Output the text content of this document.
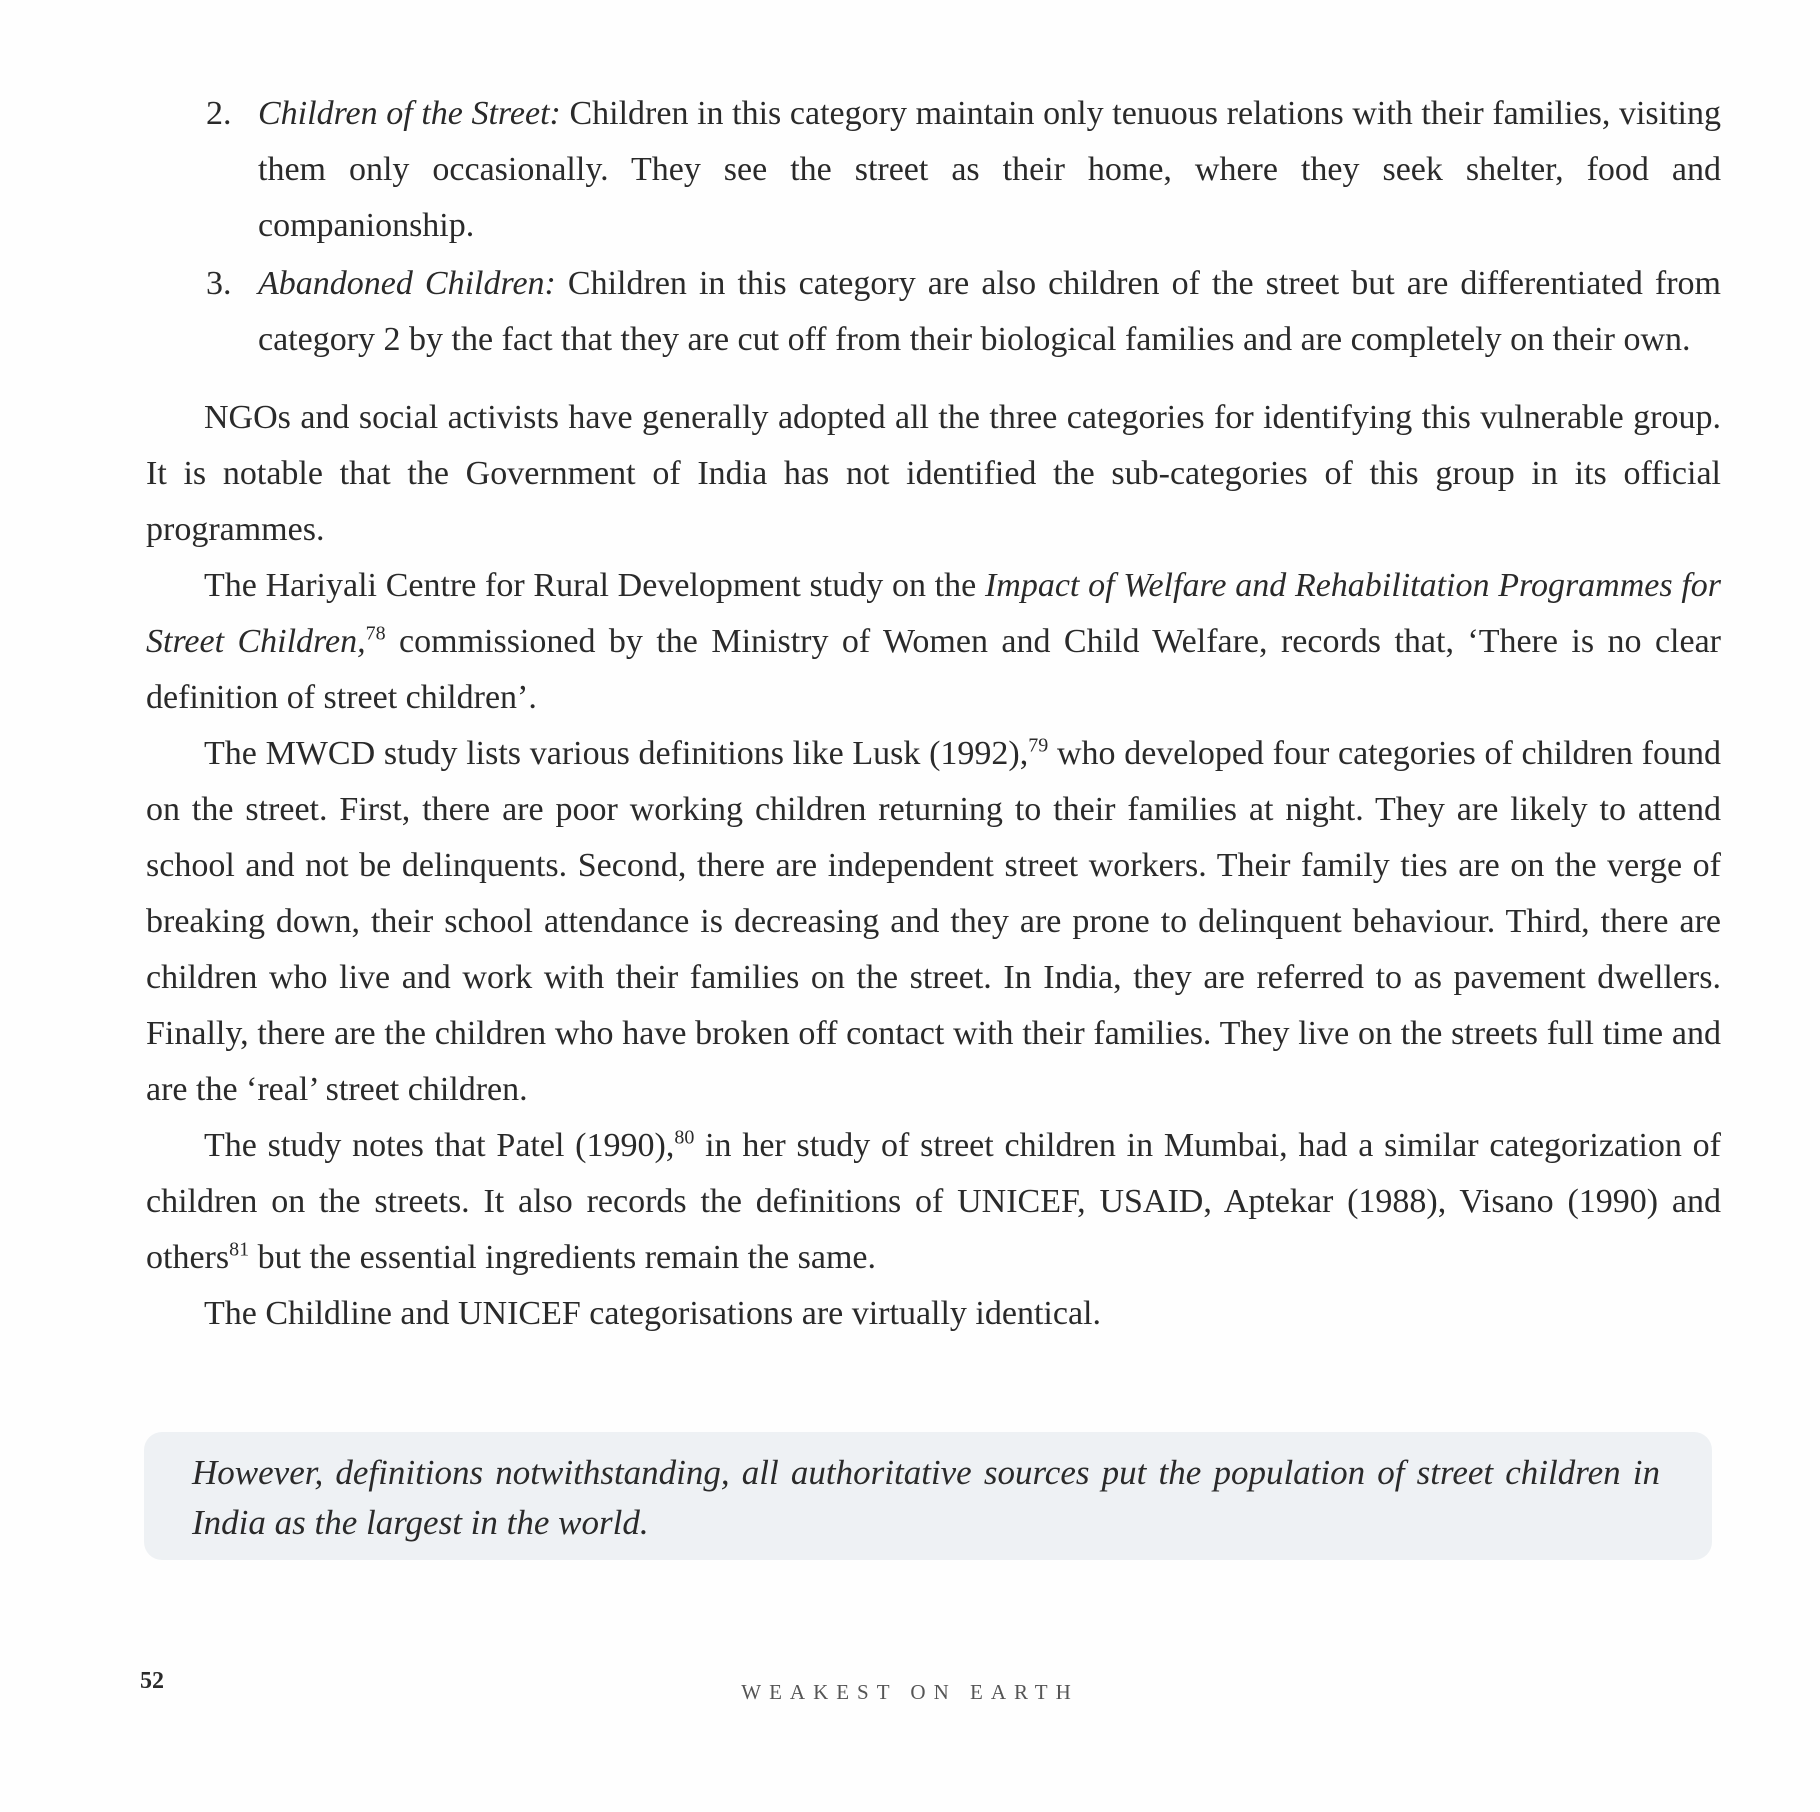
2. Children of the Street: Children in this category maintain only tenuous relations with their families, visiting them only occasionally. They see the street as their home, where they seek shelter, food and companionship.
3. Abandoned Children: Children in this category are also children of the street but are differentiated from category 2 by the fact that they are cut off from their biological families and are completely on their own.

NGOs and social activists have generally adopted all the three categories for identifying this vulnerable group. It is notable that the Government of India has not identified the sub-categories of this group in its official programmes.

The Hariyali Centre for Rural Development study on the Impact of Welfare and Rehabilitation Programmes for Street Children,$^{78}$ commissioned by the Ministry of Women and Child Welfare, records that, ‘There is no clear definition of street children’.

The MWCD study lists various definitions like Lusk (1992),$^{79}$ who developed four categories of children found on the street. First, there are poor working children returning to their families at night. They are likely to attend school and not be delinquents. Second, there are independent street workers. Their family ties are on the verge of breaking down, their school attendance is decreasing and they are prone to delinquent behaviour. Third, there are children who live and work with their families on the street. In India, they are referred to as pavement dwellers. Finally, there are the children who have broken off contact with their families. They live on the streets full time and are the ‘real’ street children.

The study notes that Patel (1990),$^{80}$ in her study of street children in Mumbai, had a similar categorization of children on the streets. It also records the definitions of UNICEF, USAID, Aptekar (1988), Visano (1990) and others$^{81}$ but the essential ingredients remain the same.

The Childline and UNICEF categorisations are virtually identical.

However, definitions notwithstanding, all authoritative sources put the population of street children in India as the largest in the world.

52	WEAKEST ON EARTH
